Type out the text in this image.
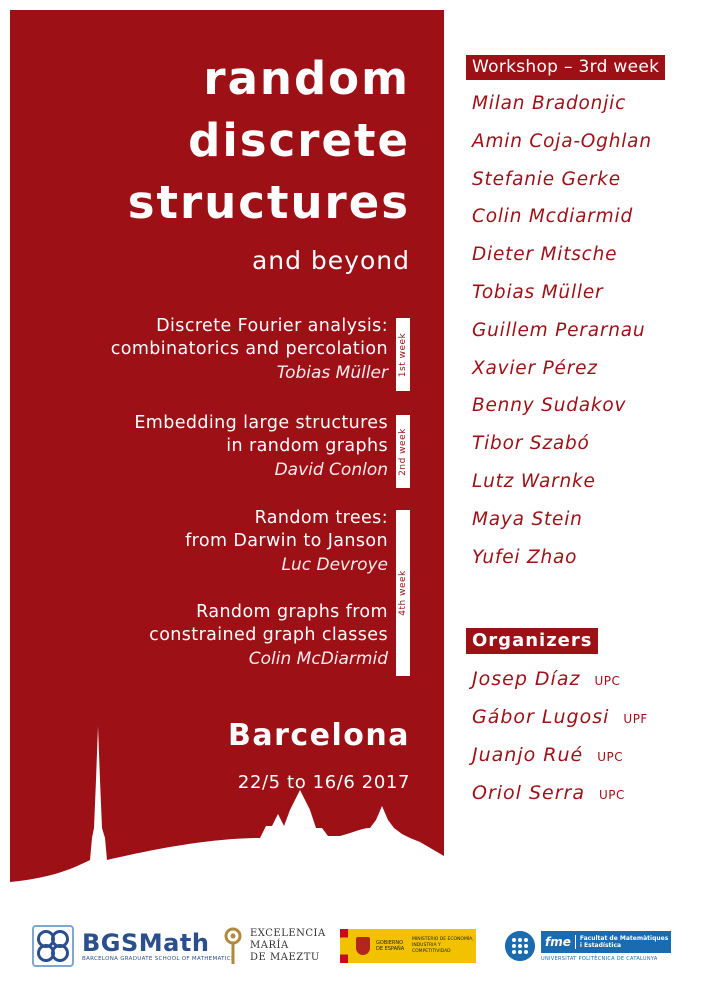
random
discrete
structures
and beyond
Discrete Fourier analysis:
combinatorics and percolation
Tobias Müller 1st week
Embedding large structures
in random graphs
David Conlon 2nd week
Random trees:
from Darwin to Janson
Luc Devroye
Random graphs from
constrained graph classes
Colin McDiarmid
4th week
Barcelona
22/5 to 16/6 2017
Workshop – 3rd week
Milan Bradonjic
Amin Coja-Oghlan
Stefanie Gerke
Colin Mcdiarmid
Dieter Mitsche
Tobias Müller
Guillem Perarnau
Xavier Pérez
Benny Sudakov
Tibor Szabó
Lutz Warnke
Maya Stein
Yufei Zhao
Organizers
Josep Díaz UPC
Gábor Lugosi UPF
Juanjo Rué UPC
Oriol Serra UPC
BGSMath
BARCELONA GRADUATE SCHOOL OF MATHEMATICS
EXCELENCIA
MARÍA
DE MAEZTU
GOBIERNO DE ESPAÑA
MINISTERIO DE ECONOMÍA, INDUSTRIA Y COMPETITIVIDAD
fme	Facultat de Matemàtiques
i Estadística
UNIVERSITAT POLITÈCNICA DE CATALUNYA
